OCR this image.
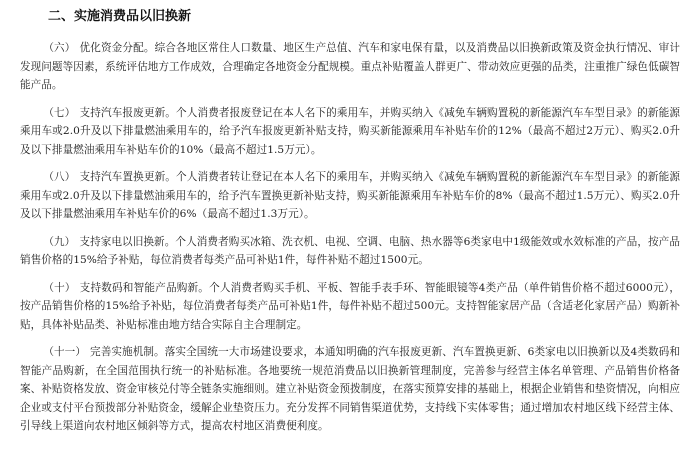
二、实施消费品以旧换新

（六） 优化资金分配。综合各地区常住人口数量、地区生产总值、汽车和家电保有量，以及消费品以旧换新政策及资金执行情况、审计发现问题等因素，系统评估地方工作成效，合理确定各地资金分配规模。重点补贴覆盖人群更广、带动效应更强的品类，注重推广绿色低碳智能产品。

（七） 支持汽车报废更新。个人消费者报废登记在本人名下的乘用车，并购买纳入《减免车辆购置税的新能源汽车车型目录》的新能源乘用车或2.0升及以下排量燃油乘用车的，给予汽车报废更新补贴支持，购买新能源乘用车补贴车价的12%（最高不超过2万元）、购买2.0升及以下排量燃油乘用车补贴车价的10%（最高不超过1.5万元）。

（八） 支持汽车置换更新。个人消费者转让登记在本人名下的乘用车，并购买纳入《减免车辆购置税的新能源汽车车型目录》的新能源乘用车或2.0升及以下排量燃油乘用车的，给予汽车置换更新补贴支持，购买新能源乘用车补贴车价的8%（最高不超过1.5万元）、购买2.0升及以下排量燃油乘用车补贴车价的6%（最高不超过1.3万元）。

（九） 支持家电以旧换新。个人消费者购买冰箱、洗衣机、电视、空调、电脑、热水器等6类家电中1级能效或水效标准的产品，按产品销售价格的15%给予补贴，每位消费者每类产品可补贴1件，每件补贴不超过1500元。

（十） 支持数码和智能产品购新。个人消费者购买手机、平板、智能手表手环、智能眼镜等4类产品（单件销售价格不超过6000元），按产品销售价格的15%给予补贴，每位消费者每类产品可补贴1件，每件补贴不超过500元。支持智能家居产品（含适老化家居产品）购新补贴，具体补贴品类、补贴标准由地方结合实际自主合理制定。

（十一） 完善实施机制。落实全国统一大市场建设要求，本通知明确的汽车报废更新、汽车置换更新、6类家电以旧换新以及4类数码和智能产品购新，在全国范围执行统一的补贴标准。各地要统一规范消费品以旧换新管理制度，完善参与经营主体名单管理、产品销售价格备案、补贴资格发放、资金审核兑付等全链条实施细则。建立补贴资金预拨制度，在落实预算安排的基础上，根据企业销售和垫资情况，向相应企业或支付平台预拨部分补贴资金，缓解企业垫资压力。充分发挥不同销售渠道优势，支持线下实体零售；通过增加农村地区线下经营主体、引导线上渠道向农村地区倾斜等方式，提高农村地区消费便利度。
